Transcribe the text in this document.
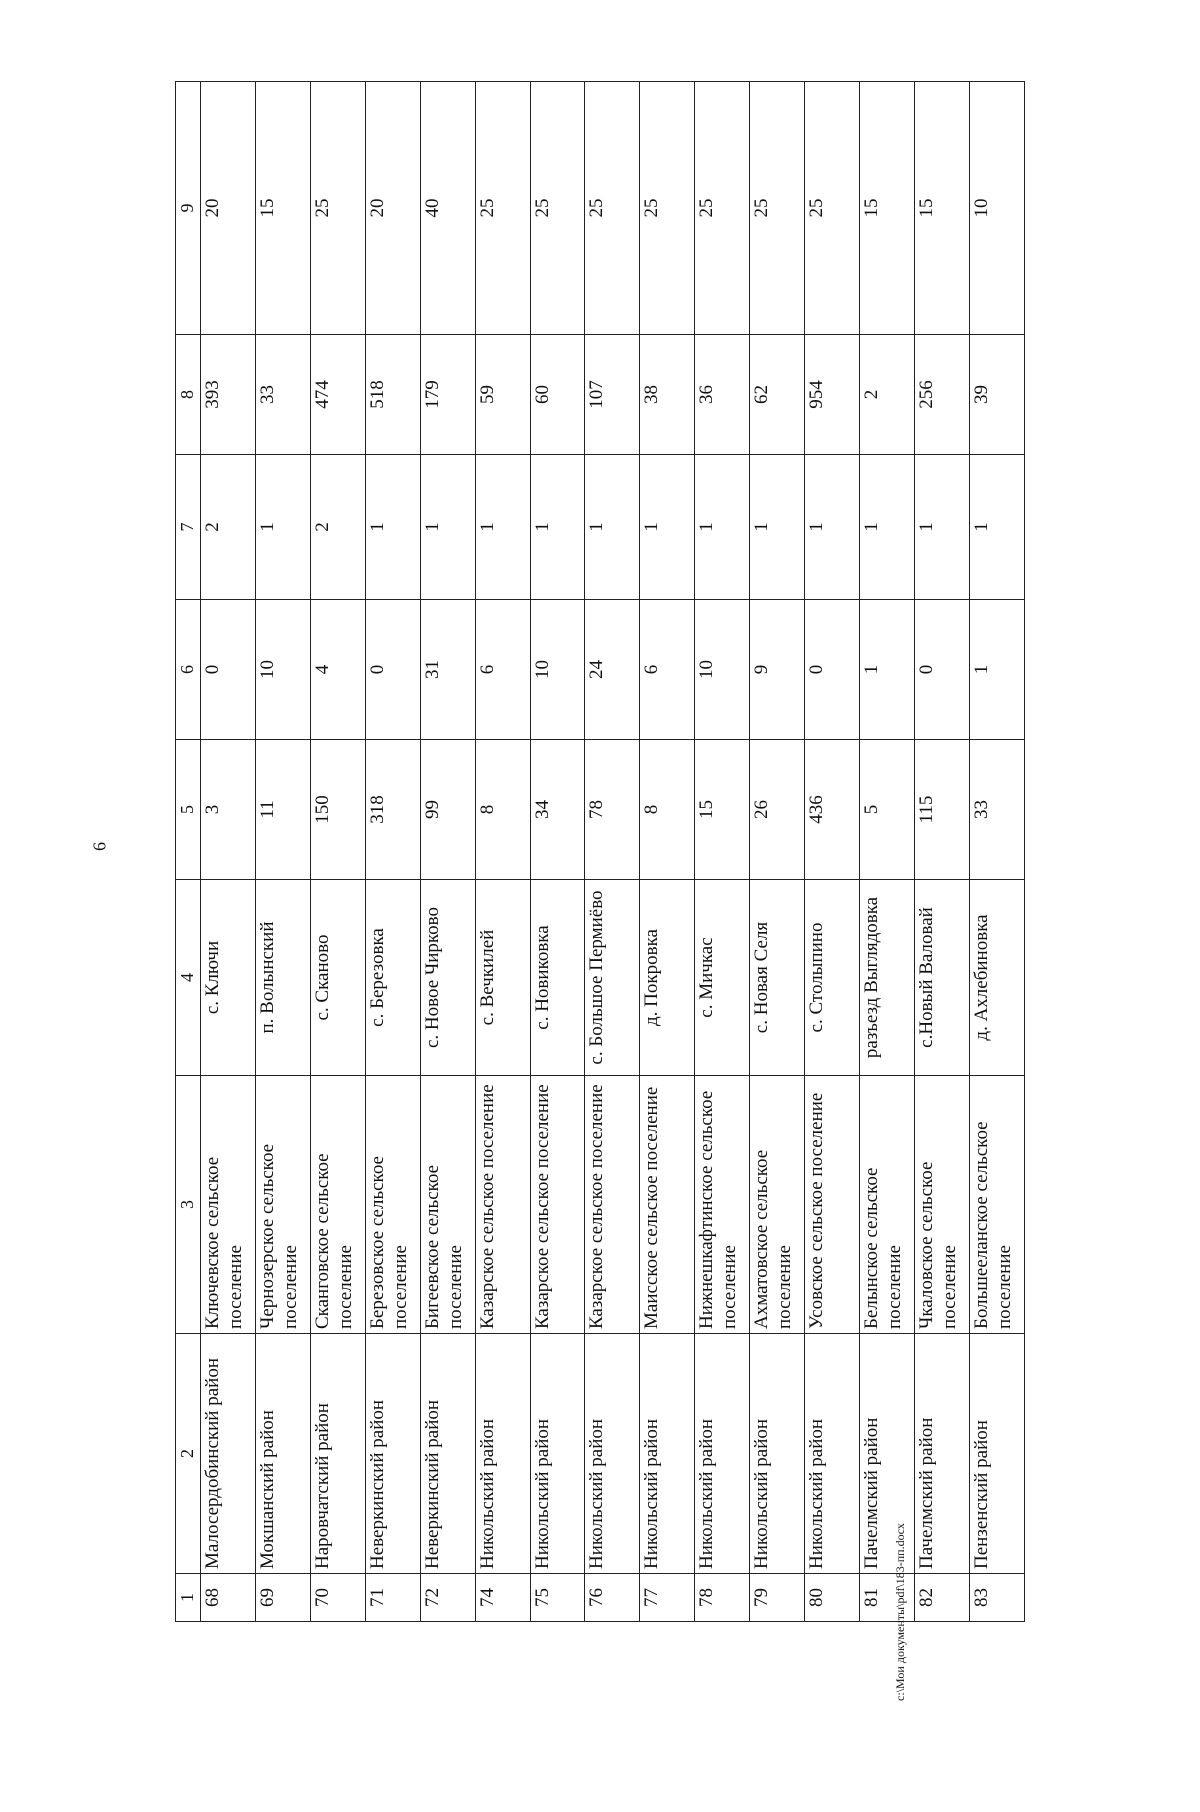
6
1	2	3	4	5	6	7	8	9
68	Малосердобинский район	Ключевское сельское поселение	с. Ключи	3	0	2	393	20
69	Мокшанский район	Чернозерское сельское поселение	п. Волынский	11	10	1	33	15
70	Наровчатский район	Сканговское сельское поселение	с. Сканово	150	4	2	474	25
71	Неверкинский район	Березовское сельское поселение	с. Березовка	318	0	1	518	20
72	Неверкинский район	Бигеевское сельское поселение	с. Новое Чирково	99	31	1	179	40
74	Никольский район	Казарское сельское поселение	с. Вечкилей	8	6	1	59	25
75	Никольский район	Казарское сельское поселение	с. Новиковка	34	10	1	60	25
76	Никольский район	Казарское сельское поселение	с. Большое Пермиёво	78	24	1	107	25
77	Никольский район	Маисское сельское поселение	д. Покровка	8	6	1	38	25
78	Никольский район	Нижнешкафтинское сельское поселение	с. Мичкас	15	10	1	36	25
79	Никольский район	Ахматовское сельское поселение	с. Новая Селя	26	9	1	62	25
80	Никольский район	Усовское сельское поселение	с. Столыпино	436	0	1	954	25
81	Пачелмский район	Белынское сельское поселение	разъезд Выглядовка	5	1	1	2	15
82	Пачелмский район	Чкаловское сельское поселение	с.Новый Валовай	115	0	1	256	15
83	Пензенский район	Большееланское сельское поселение	д. Ахлебиновка	33	1	1	39	10
c:\Мои документы\pdf\183-пп.docx
